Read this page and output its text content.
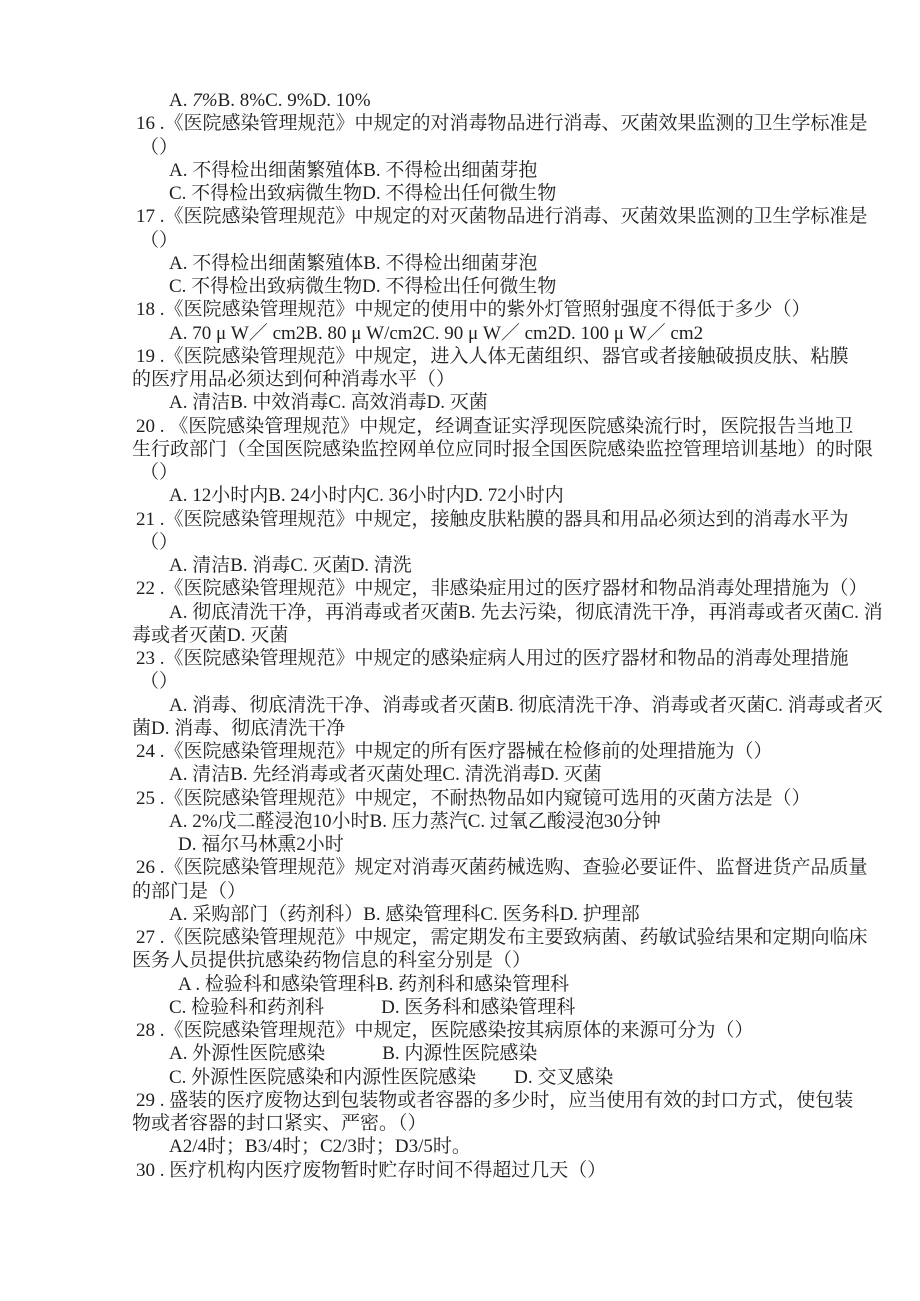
A. 7%B. 8%C. 9%D. 10%
16 .《医院感染管理规范》中规定的对消毒物品进行消毒、灭菌效果监测的卫生学标准是
（）
A. 不得检出细菌繁殖体B. 不得检出细菌芽抱
C. 不得检出致病微生物D. 不得检出任何微生物
17 .《医院感染管理规范》中规定的对灭菌物品进行消毒、灭菌效果监测的卫生学标准是
（）
A. 不得检出细菌繁殖体B. 不得检出细菌芽泡
C. 不得检出致病微生物D. 不得检出任何微生物
18 .《医院感染管理规范》中规定的使用中的紫外灯管照射强度不得低于多少（）
A. 70 μ W／ cm2B. 80 μ W/cm2C. 90 μ W／ cm2D. 100 μ W／ cm2
19 .《医院感染管理规范》中规定，进入人体无菌组织、器官或者接触破损皮肤、粘膜
的医疗用品必须达到何种消毒水平（）
A. 清洁B. 中效消毒C. 高效消毒D. 灭菌
20 . 《医院感染管理规范》中规定，经调查证实浮现医院感染流行时，医院报告当地卫
生行政部门（全国医院感染监控网单位应同时报全国医院感染监控管理培训基地）的时限
（）
A. 12小时内B. 24小时内C. 36小时内D. 72小时内
21 .《医院感染管理规范》中规定，接触皮肤粘膜的器具和用品必须达到的消毒水平为
（）
A. 清洁B. 消毒C. 灭菌D. 清洗
22 .《医院感染管理规范》中规定，非感染症用过的医疗器材和物品消毒处理措施为（）
A. 彻底清洗干净，再消毒或者灭菌B. 先去污染，彻底清洗干净，再消毒或者灭菌C. 消
毒或者灭菌D. 灭菌
23 .《医院感染管理规范》中规定的感染症病人用过的医疗器材和物品的消毒处理措施
（）
A. 消毒、彻底清洗干净、消毒或者灭菌B. 彻底清洗干净、消毒或者灭菌C. 消毒或者灭
菌D. 消毒、彻底清洗干净
24 .《医院感染管理规范》中规定的所有医疗器械在检修前的处理措施为（）
A. 清洁B. 先经消毒或者灭菌处理C. 清洗消毒D. 灭菌
25 .《医院感染管理规范》中规定，不耐热物品如内窥镜可选用的灭菌方法是（）
A. 2%戊二醛浸泡10小时B. 压力蒸汽C. 过氧乙酸浸泡30分钟
D. 福尔马林熏2小时
26 .《医院感染管理规范》规定对消毒灭菌药械选购、查验必要证件、监督进货产品质量
的部门是（）
A. 采购部门（药剂科）B. 感染管理科C. 医务科D. 护理部
27 .《医院感染管理规范》中规定，需定期发布主要致病菌、药敏试验结果和定期向临床
医务人员提供抗感染药物信息的科室分别是（）
A . 检验科和感染管理科B. 药剂科和感染管理科
C. 检验科和药剂科　　　D. 医务科和感染管理科
28 .《医院感染管理规范》中规定，医院感染按其病原体的来源可分为（）
A. 外源性医院感染　　　B. 内源性医院感染
C. 外源性医院感染和内源性医院感染　　D. 交叉感染
29 . 盛装的医疗废物达到包装物或者容器的多少时，应当使用有效的封口方式，使包装
物或者容器的封口紧实、严密。（）
A2/4时；B3/4时；C2/3时；D3/5时。
30 . 医疗机构内医疗废物暂时贮存时间不得超过几天（）
